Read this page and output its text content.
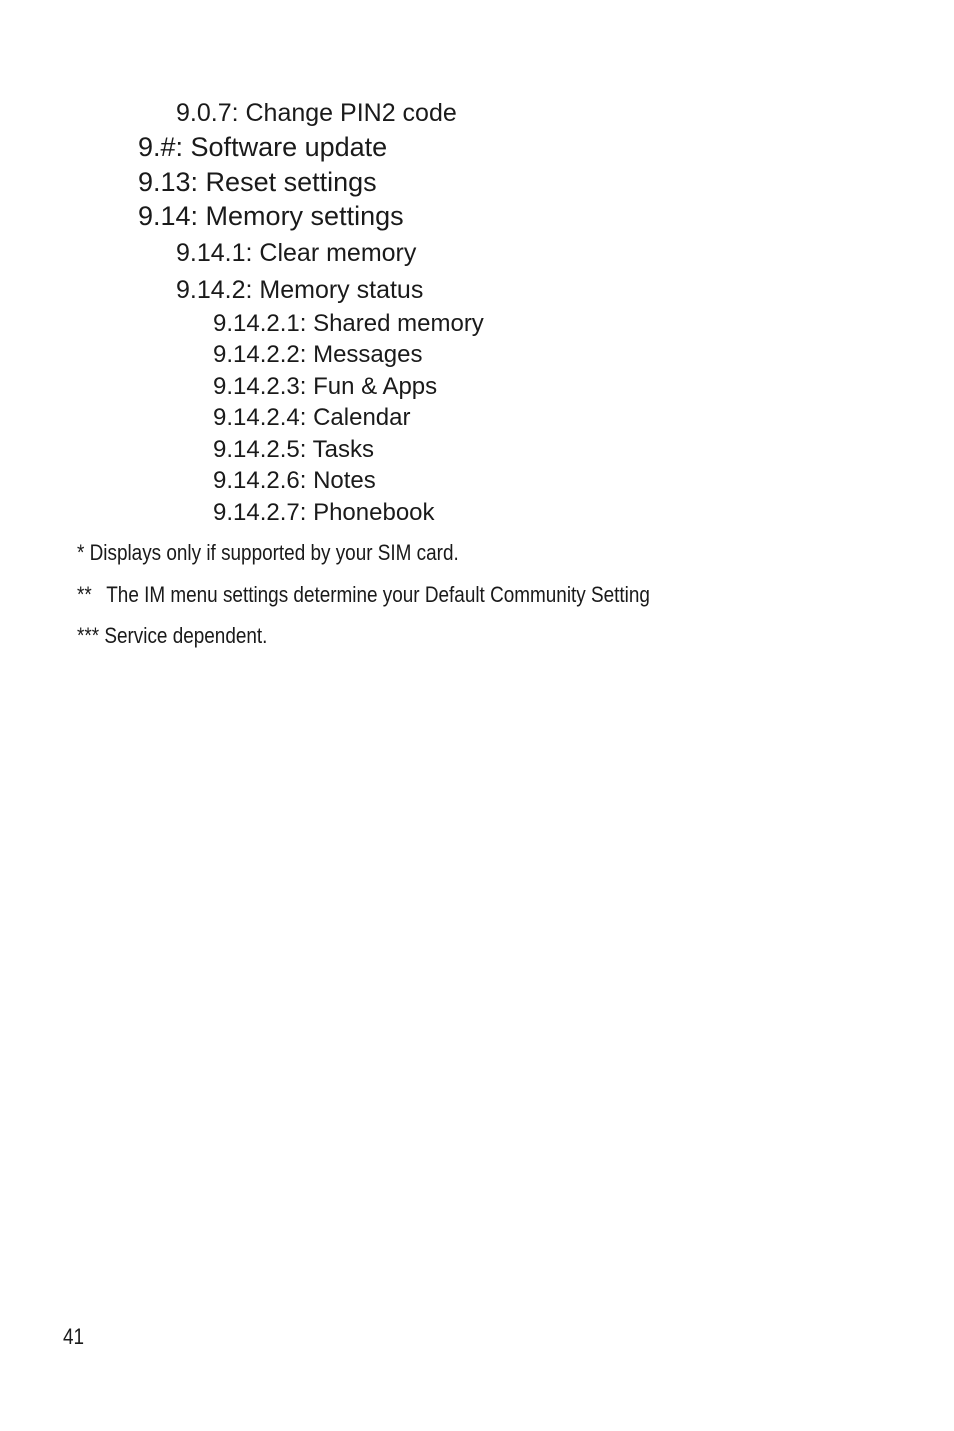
9.0.7: Change PIN2 code
9.#: Software update
9.13: Reset settings
9.14: Memory settings
9.14.1: Clear memory
9.14.2: Memory status
9.14.2.1: Shared memory
9.14.2.2: Messages
9.14.2.3: Fun & Apps
9.14.2.4: Calendar
9.14.2.5: Tasks
9.14.2.6: Notes
9.14.2.7: Phonebook
* Displays only if supported by your SIM card.
** The IM menu settings determine your Default Community Setting
*** Service dependent.
41
